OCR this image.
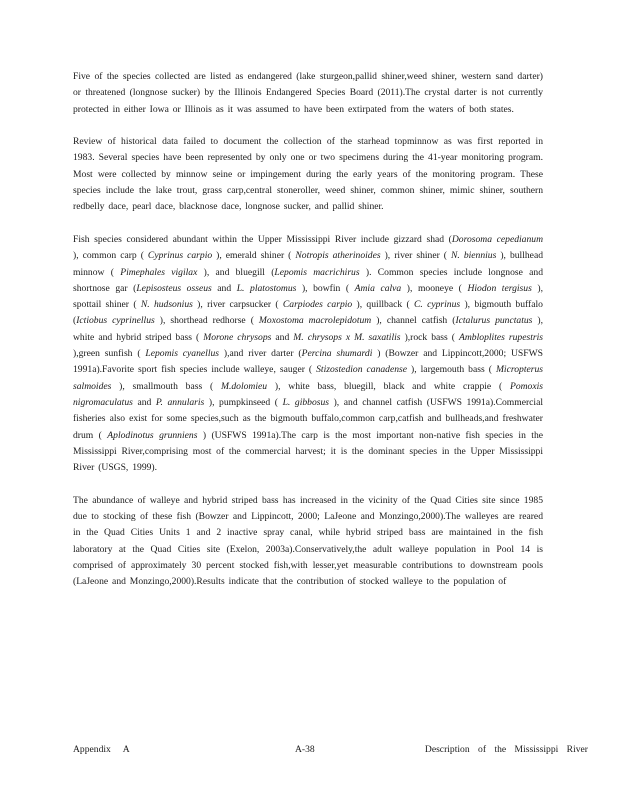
Five of the species collected are listed as endangered (lake sturgeon,pallid shiner,weed shiner, western sand darter) or threatened (longnose sucker) by the Illinois Endangered Species Board (2011).The crystal darter is not currently protected in either Iowa or Illinois as it was assumed to have been extirpated from the waters of both states.

Review of historical data failed to document the collection of the starhead topminnow as was first reported in 1983. Several species have been represented by only one or two specimens during the 41-year monitoring program. Most were collected by minnow seine or impingement during the early years of the monitoring program. These species include the lake trout, grass carp,central stoneroller, weed shiner, common shiner, mimic shiner, southern redbelly dace, pearl dace, blacknose dace, longnose sucker, and pallid shiner.

Fish species considered abundant within the Upper Mississippi River include gizzard shad (Dorosoma cepedianum ), common carp ( Cyprinus carpio ), emerald shiner ( Notropis atherinoides ), river shiner ( N. biennius ), bullhead minnow ( Pimephales vigilax ), and bluegill (Lepomis macrichirus ). Common species include longnose and shortnose gar (Lepisosteus osseus and L. platostomus ), bowfin ( Amia calva ), mooneye ( Hiodon tergisus ), spottail shiner ( N. hudsonius ), river carpsucker ( Carpiodes carpio ), quillback ( C. cyprinus ), bigmouth buffalo (Ictiobus cyprinellus ), shorthead redhorse ( Moxostoma macrolepidotum ), channel catfish (Ictalurus punctatus ), white and hybrid striped bass ( Morone chrysops and M. chrysops x M. saxatilis ),rock bass ( Ambloplites rupestris ),green sunfish ( Lepomis cyanellus ),and river darter (Percina shumardi ) (Bowzer and Lippincott,2000; USFWS 1991a).Favorite sport fish species include walleye, sauger ( Stizostedion canadense ), largemouth bass ( Micropterus salmoides ), smallmouth bass ( M.dolomieu ), white bass, bluegill, black and white crappie ( Pomoxis nigromaculatus and P. annularis ), pumpkinseed ( L. gibbosus ), and channel catfish (USFWS 1991a).Commercial fisheries also exist for some species,such as the bigmouth buffalo,common carp,catfish and bullheads,and freshwater drum ( Aplodinotus grunniens ) (USFWS 1991a).The carp is the most important non-native fish species in the Mississippi River,comprising most of the commercial harvest; it is the dominant species in the Upper Mississippi River (USGS, 1999).

The abundance of walleye and hybrid striped bass has increased in the vicinity of the Quad Cities site since 1985 due to stocking of these fish (Bowzer and Lippincott, 2000; LaJeone and Monzingo,2000).The walleyes are reared in the Quad Cities Units 1 and 2 inactive spray canal, while hybrid striped bass are maintained in the fish laboratory at the Quad Cities site (Exelon, 2003a).Conservatively,the adult walleye population in Pool 14 is comprised of approximately 30 percent stocked fish,with lesser,yet measurable contributions to downstream pools (LaJeone and Monzingo,2000).Results indicate that the contribution of stocked walleye to the population of

Appendix A	A-38	Description of the Mississippi River
